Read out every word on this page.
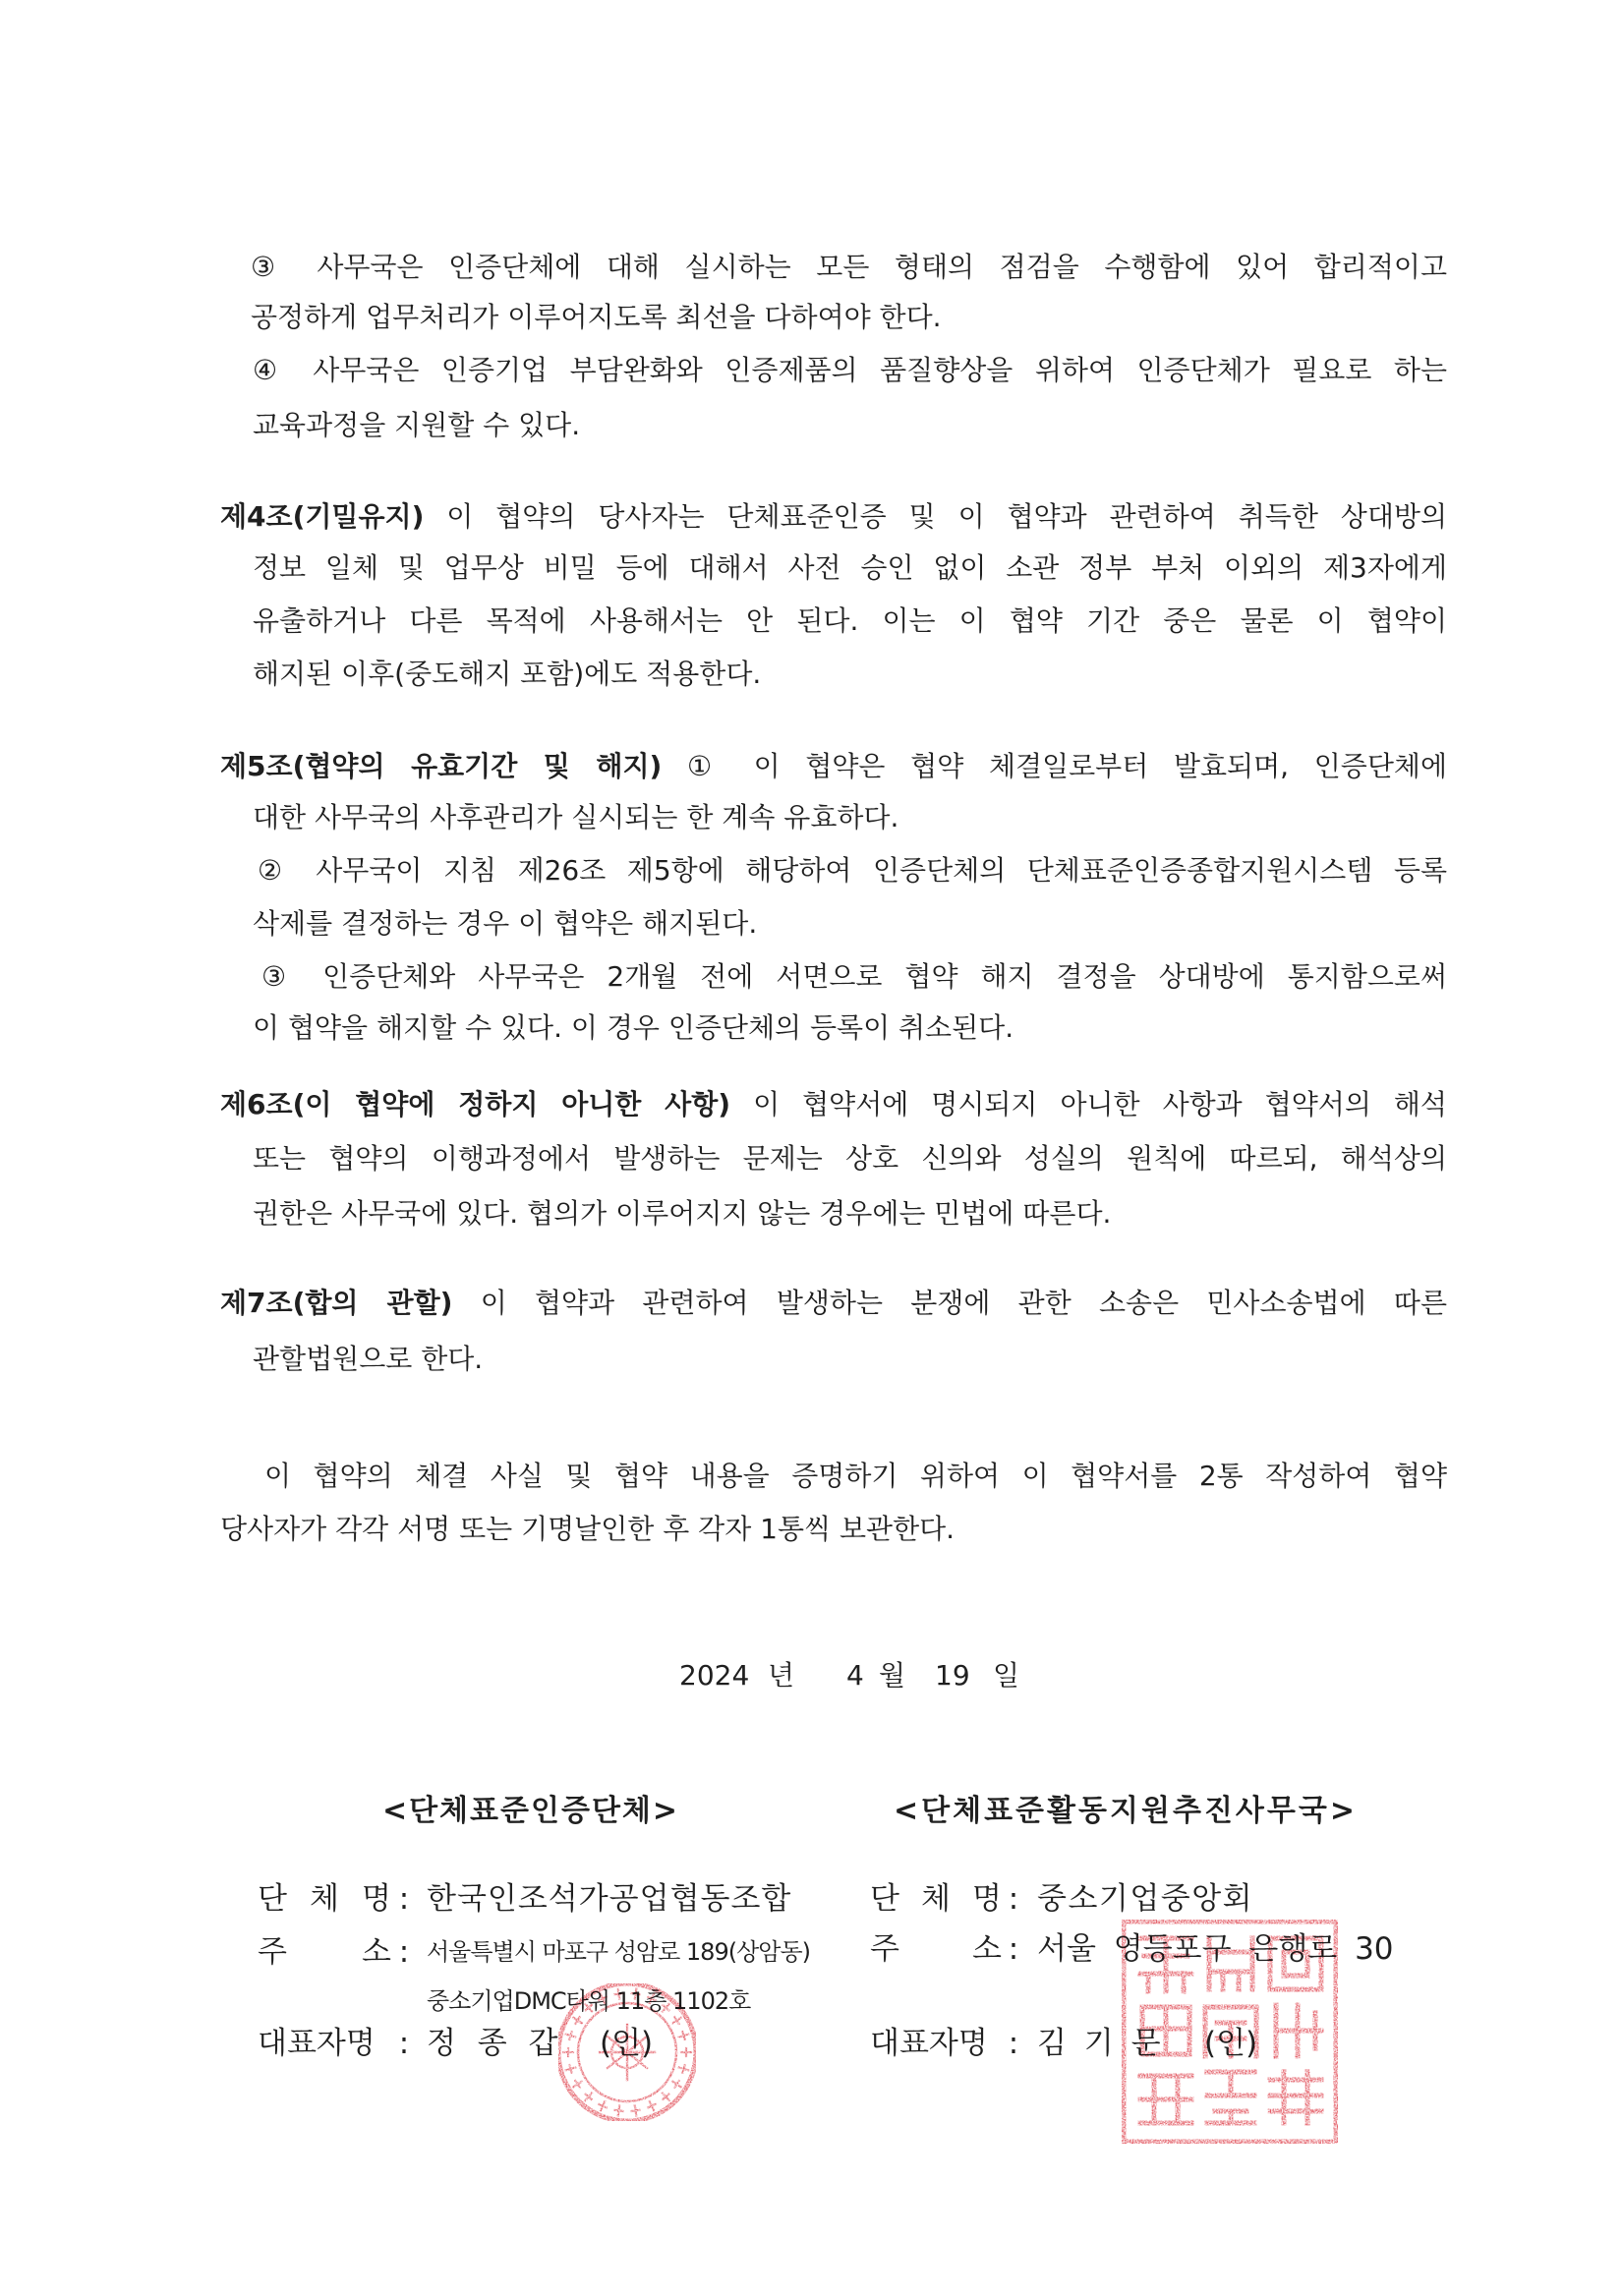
③ 사무국은 인증단체에 대해 실시하는 모든 형태의 점검을 수행함에 있어 합리적이고
공정하게 업무처리가 이루어지도록 최선을 다하여야 한다.
④ 사무국은 인증기업 부담완화와 인증제품의 품질향상을 위하여 인증단체가 필요로 하는
교육과정을 지원할 수 있다.
제4조(기밀유지) 이 협약의 당사자는 단체표준인증 및 이 협약과 관련하여 취득한 상대방의
정보 일체 및 업무상 비밀 등에 대해서 사전 승인 없이 소관 정부 부처 이외의 제3자에게
유출하거나 다른 목적에 사용해서는 안 된다. 이는 이 협약 기간 중은 물론 이 협약이
해지된 이후(중도해지 포함)에도 적용한다.
제5조(협약의 유효기간 및 해지) ① 이 협약은 협약 체결일로부터 발효되며, 인증단체에
대한 사무국의 사후관리가 실시되는 한 계속 유효하다.
② 사무국이 지침 제26조 제5항에 해당하여 인증단체의 단체표준인증종합지원시스템 등록
삭제를 결정하는 경우 이 협약은 해지된다.
③ 인증단체와 사무국은 2개월 전에 서면으로 협약 해지 결정을 상대방에 통지함으로써
이 협약을 해지할 수 있다. 이 경우 인증단체의 등록이 취소된다.
제6조(이 협약에 정하지 아니한 사항) 이 협약서에 명시되지 아니한 사항과 협약서의 해석
또는 협약의 이행과정에서 발생하는 문제는 상호 신의와 성실의 원칙에 따르되, 해석상의
권한은 사무국에 있다. 협의가 이루어지지 않는 경우에는 민법에 따른다.
제7조(합의 관할) 이 협약과 관련하여 발생하는 분쟁에 관한 소송은 민사소송법에 따른
관할법원으로 한다.
이 협약의 체결 사실 및 협약 내용을 증명하기 위하여 이 협약서를 2통 작성하여 협약
당사자가 각각 서명 또는 기명날인한 후 각자 1통씩 보관한다.
2024 년 4 월 19 일
<단체표준인증단체>	<단체표준활동지원추진사무국>
단 체 명 : 한국인조석가공업협동조합
주 소 : 서울특별시 마포구 성암로 189(상암동)
중소기업DMC타워 11층 1102호
대표자명 : 정 종 갑 (인)
단 체 명 : 중소기업중앙회
주 소 : 서울 영등포구 은행로 30
대표자명 : 김 기 문 (인)
